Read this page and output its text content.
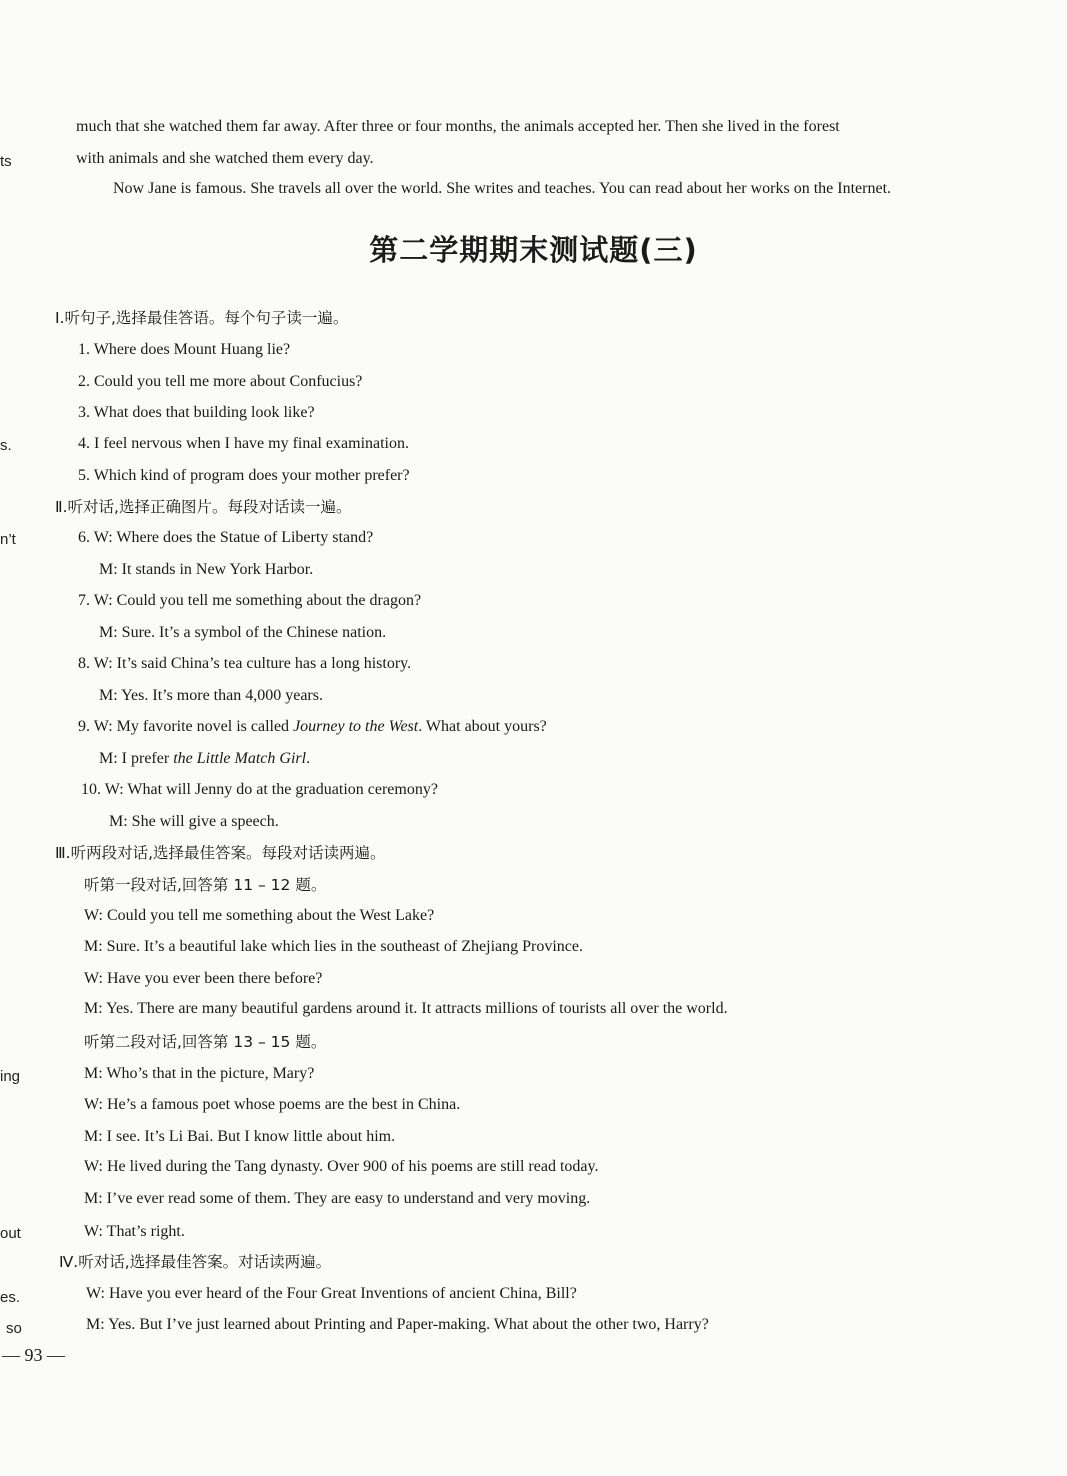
ts
s.
n’t
ing
out
es.
so
much that she watched them far away. After three or four months, the animals accepted her. Then she lived in the forest
with animals and she watched them every day.
Now Jane is famous. She travels all over the world. She writes and teaches. You can read about her works on the Internet.
第二学期期末测试题(三)
Ⅰ.听句子,选择最佳答语。每个句子读一遍。
1. Where does Mount Huang lie?
2. Could you tell me more about Confucius?
3. What does that building look like?
4. I feel nervous when I have my final examination.
5. Which kind of program does your mother prefer?
Ⅱ.听对话,选择正确图片。每段对话读一遍。
6. W: Where does the Statue of Liberty stand?
M: It stands in New York Harbor.
7. W: Could you tell me something about the dragon?
M: Sure. It’s a symbol of the Chinese nation.
8. W: It’s said China’s tea culture has a long history.
M: Yes. It’s more than 4,000 years.
9. W: My favorite novel is called Journey to the West. What about yours?
M: I prefer the Little Match Girl.
10. W: What will Jenny do at the graduation ceremony?
M: She will give a speech.
Ⅲ.听两段对话,选择最佳答案。每段对话读两遍。
听第一段对话,回答第 11 – 12 题。
W: Could you tell me something about the West Lake?
M: Sure. It’s a beautiful lake which lies in the southeast of Zhejiang Province.
W: Have you ever been there before?
M: Yes. There are many beautiful gardens around it. It attracts millions of tourists all over the world.
听第二段对话,回答第 13 – 15 题。
M: Who’s that in the picture, Mary?
W: He’s a famous poet whose poems are the best in China.
M: I see. It’s Li Bai. But I know little about him.
W: He lived during the Tang dynasty. Over 900 of his poems are still read today.
M: I’ve ever read some of them. They are easy to understand and very moving.
W: That’s right.
Ⅳ.听对话,选择最佳答案。对话读两遍。
W: Have you ever heard of the Four Great Inventions of ancient China, Bill?
M: Yes. But I’ve just learned about Printing and Paper-making. What about the other two, Harry?
— 93 —
